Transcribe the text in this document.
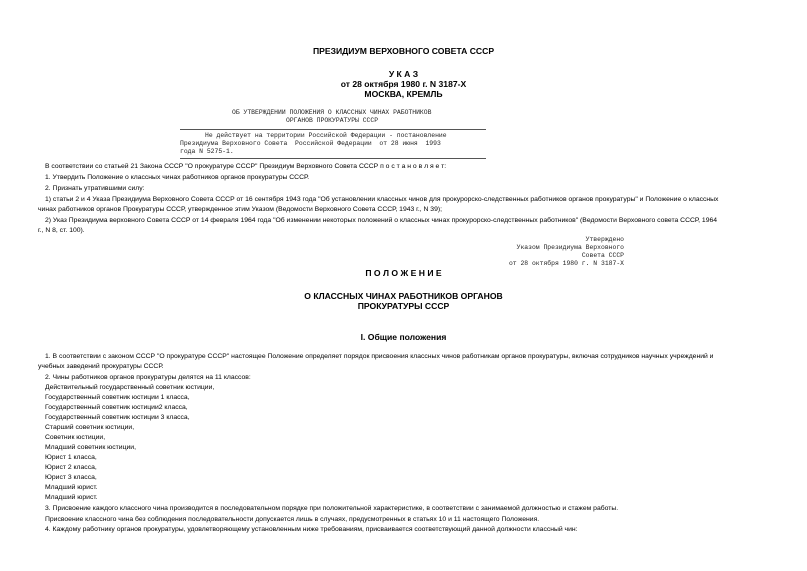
ПРЕЗИДИУМ ВЕРХОВНОГО СОВЕТА СССР
У К А З
от 28 октября 1980 г. N 3187-X
МОСКВА, КРЕМЛЬ
ОБ УТВЕРЖДЕНИИ ПОЛОЖЕНИЯ О КЛАССНЫХ ЧИНАХ РАБОТНИКОВ
ОРГАНОВ ПРОКУРАТУРЫ СССР
Не действует на территории Российской Федерации - постановление
Президиума Верховного Совета  Российской Федерации  от 28 июня  1993
года N 5275-1.
В соответствии со статьей 21 Закона СССР "О прокуратуре СССР" Президиум Верховного Совета СССР п о с т а н о в л я е т:
1. Утвердить Положение о классных чинах работников органов прокуратуры СССР.
2. Признать утратившими силу:
1) статьи 2 и 4 Указа Президиума Верховного Совета СССР от 16 сентября 1943 года "Об установлении классных чинов для прокурорско-следственных работников органов прокуратуры" и Положение о классных
чинах работников органов Прокуратуры СССР, утвержденное этим Указом (Ведомости Верховного Совета СССР, 1943 г., N 39);
2) Указ Президиума верховного Совета СССР от 14 февраля 1964 года "Об изменении некоторых положений о классных чинах прокурорско-следственных работников" (Ведомости Верховного совета СССР, 1964
г., N 8, ст. 100).
Утверждено
Указом Президиума Верховного
Совета СССР
от 28 октября 1980 г. N 3187-X
П О Л О Ж Е Н И Е
О КЛАССНЫХ ЧИНАХ РАБОТНИКОВ ОРГАНОВ
ПРОКУРАТУРЫ СССР
I. Общие положения
1. В соответствии с законом СССР "О прокуратуре СССР" настоящее Положение определяет порядок присвоения классных чинов работникам органов прокуратуры, включая сотрудников научных учреждений и
учебных заведений прокуратуры СССР.
2. Чины работников органов прокуратуры делятся на 11 классов:
Действительный государственный советник юстиции,
Государственный советник юстиции 1 класса,
Государственный советник юстиции2 класса,
Государственный советник юстиции 3 класса,
Старший советник юстиции,
Советник юстиции,
Младший советник юстиции,
Юрист 1 класса,
Юрист 2 класса,
Юрист 3 класса,
Младший юрист.
Младший юрист.
3. Присвоение каждого классного чина производится в последовательном порядке при положительной характеристике, в соответствии с занимаемой должностью и стажем работы.
Присвоение классного чина без соблюдения последовательности допускается лишь в случаях, предусмотренных в статьях 10 и 11 настоящего Положения.
4. Каждому работнику органов прокуратуры, удовлетворяющему установленным ниже требованиям, присваивается соответствующий данной должности классный чин:
